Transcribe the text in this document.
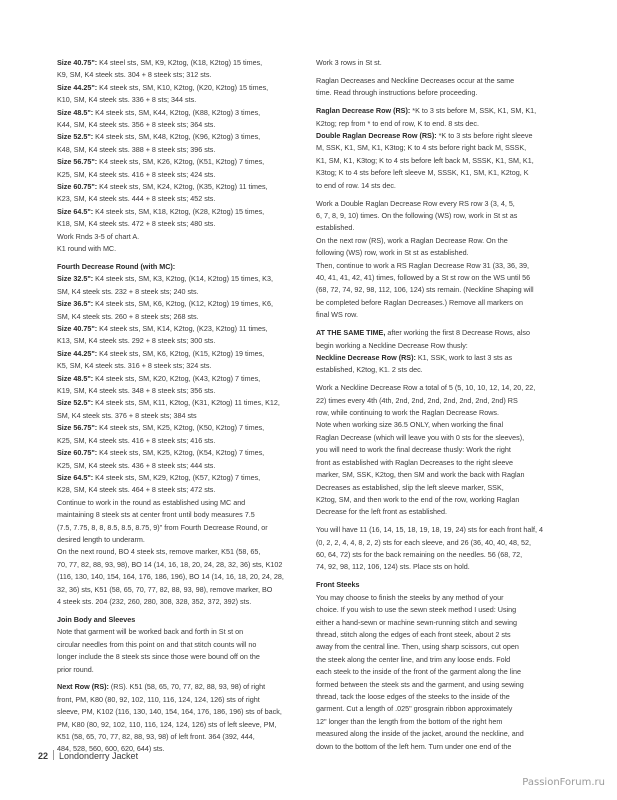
Size 40.75": K4 steel sts, SM, K9, K2tog, (K18, K2tog) 15 times,
K9, SM, K4 steek sts. 304 + 8 steek sts; 312 sts.
Size 44.25": K4 steek sts, SM, K10, K2tog, (K20, K2tog) 15 times,
K10, SM, K4 steek sts. 336 + 8 sts; 344 sts.
Size 48.5": K4 steek sts, SM, K44, K2tog, (K88, K2tog) 3 times,
K44, SM, K4 steek sts. 356 + 8 steek sts; 364 sts.
Size 52.5": K4 steek sts, SM, K48, K2tog, (K96, K2tog) 3 times,
K48, SM, K4 steek sts. 388 + 8 steek sts; 396 sts.
Size 56.75": K4 steek sts, SM, K26, K2tog, (K51, K2tog) 7 times,
K25, SM, K4 steek sts. 416 + 8 steek sts; 424 sts.
Size 60.75": K4 steek sts, SM, K24, K2tog, (K35, K2tog) 11 times,
K23, SM, K4 steek sts. 444 + 8 steek sts; 452 sts.
Size 64.5": K4 steek sts, SM, K18, K2tog, (K28, K2tog) 15 times,
K18, SM, K4 steek sts. 472 + 8 steek sts; 480 sts.
Work Rnds 3-5 of chart A.
K1 round with MC.
Fourth Decrease Round (with MC):
Size 32.5": K4 steek sts, SM, K3, K2tog, (K14, K2tog) 15 times, K3,
SM, K4 steek sts. 232 + 8 steek sts; 240 sts.
Size 36.5": K4 steek sts, SM, K6, K2tog, (K12, K2tog) 19 times, K6,
SM, K4 steek sts. 260 + 8 steek sts; 268 sts.
Size 40.75": K4 steek sts, SM, K14, K2tog, (K23, K2tog) 11 times,
K13, SM, K4 steek sts. 292 + 8 steek sts; 300 sts.
Size 44.25": K4 steek sts, SM, K6, K2tog, (K15, K2tog) 19 times,
K5, SM, K4 steek sts. 316 + 8 steek sts; 324 sts.
Size 48.5": K4 steek sts, SM, K20, K2tog, (K43, K2tog) 7 times,
K19, SM, K4 steek sts. 348 + 8 steek sts; 356 sts.
Size 52.5": K4 steek sts, SM, K11, K2tog, (K31, K2tog) 11 times, K12,
SM, K4 steek sts. 376 + 8 steek sts; 384 sts
Size 56.75": K4 steek sts, SM, K25, K2tog, (K50, K2tog) 7 times,
K25, SM, K4 steek sts. 416 + 8 steek sts; 416 sts.
Size 60.75": K4 steek sts, SM, K25, K2tog, (K54, K2tog) 7 times,
K25, SM, K4 steek sts. 436 + 8 steek sts; 444 sts.
Size 64.5": K4 steek sts, SM, K29, K2tog, (K57, K2tog) 7 times,
K28, SM, K4 steek sts. 464 + 8 steek sts; 472 sts.
Continue to work in the round as established using MC and
maintaining 8 steek sts at center front until body measures 7.5
(7.5, 7.75, 8, 8, 8.5, 8.5, 8.75, 9)" from Fourth Decrease Round, or
desired length to underarm.
On the next round, BO 4 steek sts, remove marker, K51 (58, 65,
70, 77, 82, 88, 93, 98), BO 14 (14, 16, 18, 20, 24, 28, 32, 36) sts, K102
(116, 130, 140, 154, 164, 176, 186, 196), BO 14 (14, 16, 18, 20, 24, 28,
32, 36) sts, K51 (58, 65, 70, 77, 82, 88, 93, 98), remove marker, BO
4 steek sts. 204 (232, 260, 280, 308, 328, 352, 372, 392) sts.
Join Body and Sleeves
Note that garment will be worked back and forth in St st on
circular needles from this point on and that stitch counts will no
longer include the 8 steek sts since those were bound off on the
prior round.
Next Row (RS): (RS). K51 (58, 65, 70, 77, 82, 88, 93, 98) of right
front, PM, K80 (80, 92, 102, 110, 116, 124, 124, 126) sts of right
sleeve, PM, K102 (116, 130, 140, 154, 164, 176, 186, 196) sts of back,
PM, K80 (80, 92, 102, 110, 116, 124, 124, 126) sts of left sleeve, PM,
K51 (58, 65, 70, 77, 82, 88, 93, 98) of left front. 364 (392, 444,
484, 528, 560, 600, 620, 644) sts.
Work 3 rows in St st.
Raglan Decreases and Neckline Decreases occur at the same
time. Read through instructions before proceeding.
Raglan Decrease Row (RS): *K to 3 sts before M, SSK, K1, SM, K1,
K2tog; rep from * to end of row, K to end. 8 sts dec.
Double Raglan Decrease Row (RS): *K to 3 sts before right sleeve
M, SSK, K1, SM, K1, K3tog; K to 4 sts before right back M, SSSK,
K1, SM, K1, K3tog; K to 4 sts before left back M, SSSK, K1, SM, K1,
K3tog; K to 4 sts before left sleeve M, SSSK, K1, SM, K1, K2tog, K
to end of row. 14 sts dec.
Work a Double Raglan Decrease Row every RS row 3 (3, 4, 5,
6, 7, 8, 9, 10) times. On the following (WS) row, work in St st as
established.
On the next row (RS), work a Raglan Decrease Row. On the
following (WS) row, work in St st as established.
Then, continue to work a RS Raglan Decrease Row 31 (33, 36, 39,
40, 41, 41, 42, 41) times, followed by a St st row on the WS until 56
(68, 72, 74, 92, 98, 112, 106, 124) sts remain. (Neckline Shaping will
be completed before Raglan Decreases.) Remove all markers on
final WS row.
AT THE SAME TIME, after working the first 8 Decrease Rows, also
begin working a Neckline Decrease Row thusly:
Neckline Decrease Row (RS): K1, SSK, work to last 3 sts as
established, K2tog, K1. 2 sts dec.
Work a Neckline Decrease Row a total of 5 (5, 10, 10, 12, 14, 20, 22,
22) times every 4th (4th, 2nd, 2nd, 2nd, 2nd, 2nd, 2nd, 2nd) RS
row, while continuing to work the Raglan Decrease Rows.
Note when working size 36.5 ONLY, when working the final
Raglan Decrease (which will leave you with 0 sts for the sleeves),
you will need to work the final decrease thusly: Work the right
front as established with Raglan Decreases to the right sleeve
marker, SM, SSK, K2tog, then SM and work the back with Raglan
Decreases as established, slip the left sleeve marker, SSK,
K2tog, SM, and then work to the end of the row, working Raglan
Decrease for the left front as established.
You will have 11 (16, 14, 15, 18, 19, 18, 19, 24) sts for each front half, 4
(0, 2, 2, 4, 4, 8, 2, 2) sts for each sleeve, and 26 (36, 40, 40, 48, 52,
60, 64, 72) sts for the back remaining on the needles. 56 (68, 72,
74, 92, 98, 112, 106, 124) sts. Place sts on hold.
Front Steeks
You may choose to finish the steeks by any method of your
choice. If you wish to use the sewn steek method I used: Using
either a hand-sewn or machine sewn-running stitch and sewing
thread, stitch along the edges of each front steek, about 2 sts
away from the central line. Then, using sharp scissors, cut open
the steek along the center line, and trim any loose ends. Fold
each steek to the inside of the front of the garment along the line
formed between the steek sts and the garment, and using sewing
thread, tack the loose edges of the steeks to the inside of the
garment. Cut a length of .025" grosgrain ribbon approximately
12" longer than the length from the bottom of the right hem
measured along the inside of the jacket, around the neckline, and
down to the bottom of the left hem. Turn under one end of the
22 Londonderry Jacket
PassionForum.ru
